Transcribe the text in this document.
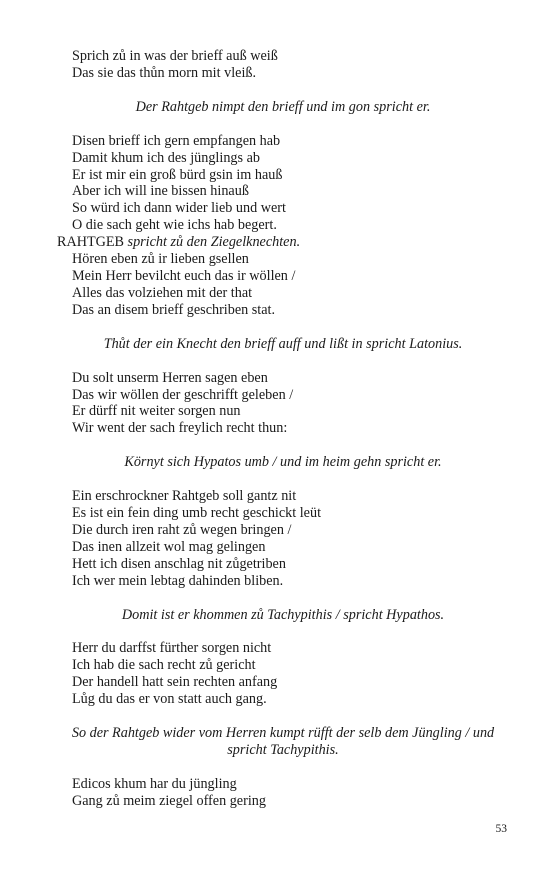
Sprich zů in was der brieff auß weiß
Das sie das thůn morn mit vleiß.
Der Rahtgeb nimpt den brieff und im gon spricht er.
Disen brieff ich gern empfangen hab
Damit khum ich des jünglings ab
Er ist mir ein groß bürd gsin im hauß
Aber ich will ine bissen hinauß
So würd ich dann wider lieb und wert
O die sach geht wie ichs hab begert.
RAHTGEB spricht zů den Ziegelknechten.
Hören eben zů ir lieben gsellen
Mein Herr bevilcht euch das ir wöllen /
Alles das volziehen mit der that
Das an disem brieff geschriben stat.
Thůt der ein Knecht den brieff auff und lißt in spricht Latonius.
Du solt unserm Herren sagen eben
Das wir wöllen der geschrifft geleben /
Er dürff nit weiter sorgen nun
Wir went der sach freylich recht thun:
Környt sich Hypatos umb / und im heim gehn spricht er.
Ein erschrockner Rahtgeb soll gantz nit
Es ist ein fein ding umb recht geschickt leüt
Die durch iren raht zů wegen bringen /
Das inen allzeit wol mag gelingen
Hett ich disen anschlag nit zůgetriben
Ich wer mein lebtag dahinden bliben.
Domit ist er khommen zů Tachypithis / spricht Hypathos.
Herr du darffst fürther sorgen nicht
Ich hab die sach recht zů gericht
Der handell hatt sein rechten anfang
Lůg du das er von statt auch gang.
So der Rahtgeb wider vom Herren kumpt rüfft der selb dem Jüngling / und spricht Tachypithis.
Edicos khum har du jüngling
Gang zů meim ziegel offen gering
53
